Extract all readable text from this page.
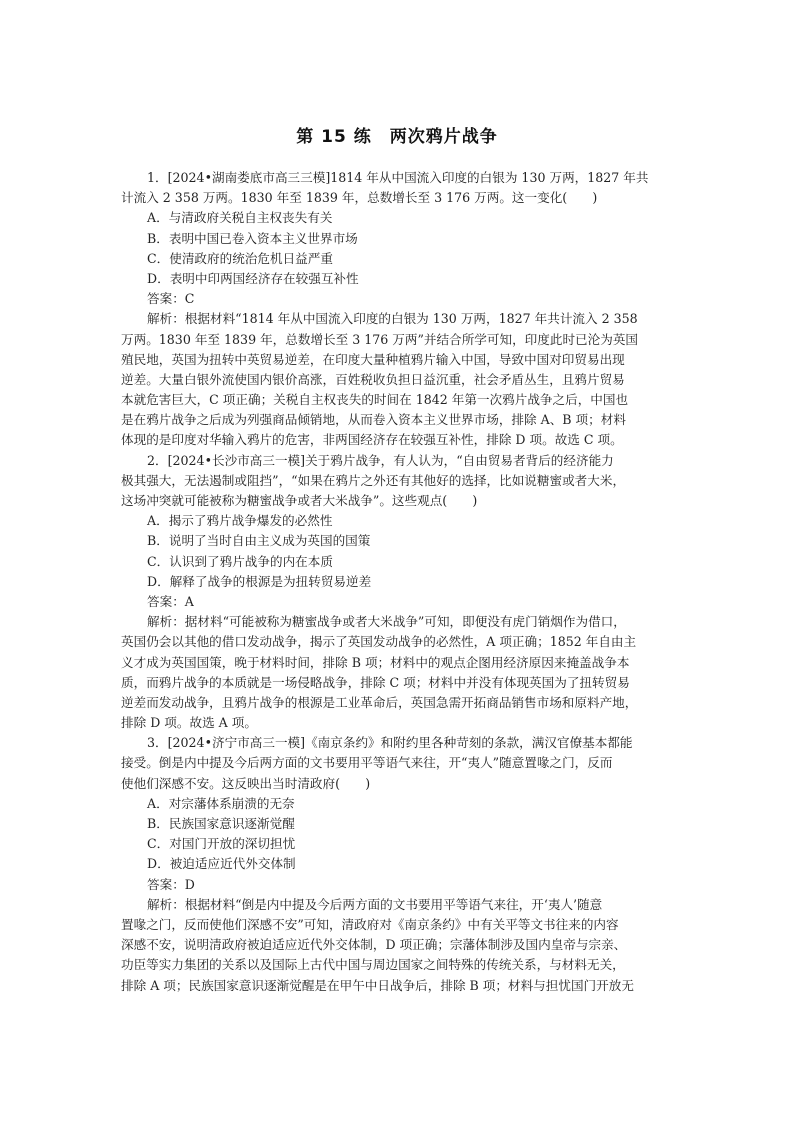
第 15 练　两次鸦片战争
1．[2024•湖南娄底市高三三模]1814 年从中国流入印度的白银为 130 万两，1827 年共
计流入 2 358 万两。1830 年至 1839 年，总数增长至 3 176 万两。这一变化(　　)
A．与清政府关税自主权丧失有关
B．表明中国已卷入资本主义世界市场
C．使清政府的统治危机日益严重
D．表明中印两国经济存在较强互补性
答案：C
解析：根据材料“1814 年从中国流入印度的白银为 130 万两，1827 年共计流入 2 358
万两。1830 年至 1839 年，总数增长至 3 176 万两”并结合所学可知，印度此时已沦为英国
殖民地，英国为扭转中英贸易逆差，在印度大量种植鸦片输入中国，导致中国对印贸易出现
逆差。大量白银外流使国内银价高涨，百姓税收负担日益沉重，社会矛盾丛生，且鸦片贸易
本就危害巨大，C 项正确；关税自主权丧失的时间在 1842 年第一次鸦片战争之后，中国也
是在鸦片战争之后成为列强商品倾销地，从而卷入资本主义世界市场，排除 A、B 项；材料
体现的是印度对华输入鸦片的危害，非两国经济存在较强互补性，排除 D 项。故选 C 项。
2．[2024•长沙市高三一模]关于鸦片战争，有人认为，“自由贸易者背后的经济能力
极其强大，无法遏制或阻挡”，“如果在鸦片之外还有其他好的选择，比如说糖蜜或者大米，
这场冲突就可能被称为糖蜜战争或者大米战争”。这些观点(　　)
A．揭示了鸦片战争爆发的必然性
B．说明了当时自由主义成为英国的国策
C．认识到了鸦片战争的内在本质
D．解释了战争的根源是为扭转贸易逆差
答案：A
解析：据材料“可能被称为糖蜜战争或者大米战争”可知，即便没有虎门销烟作为借口，
英国仍会以其他的借口发动战争，揭示了英国发动战争的必然性，A 项正确；1852 年自由主
义才成为英国国策，晚于材料时间，排除 B 项；材料中的观点企图用经济原因来掩盖战争本
质，而鸦片战争的本质就是一场侵略战争，排除 C 项；材料中并没有体现英国为了扭转贸易
逆差而发动战争，且鸦片战争的根源是工业革命后，英国急需开拓商品销售市场和原料产地，
排除 D 项。故选 A 项。
3．[2024•济宁市高三一模]《南京条约》和附约里各种苛刻的条款，满汉官僚基本都能
接受。倒是内中提及今后两方面的文书要用平等语气来往，开“夷人”随意置喙之门，反而
使他们深感不安。这反映出当时清政府(　　)
A．对宗藩体系崩溃的无奈
B．民族国家意识逐渐觉醒
C．对国门开放的深切担忧
D．被迫适应近代外交体制
答案：D
解析：根据材料“倒是内中提及今后两方面的文书要用平等语气来往，开‘夷人’随意
置喙之门，反而使他们深感不安”可知，清政府对《南京条约》中有关平等文书往来的内容
深感不安，说明清政府被迫适应近代外交体制，D 项正确；宗藩体制涉及国内皇帝与宗亲、
功臣等实力集团的关系以及国际上古代中国与周边国家之间特殊的传统关系，与材料无关，
排除 A 项；民族国家意识逐渐觉醒是在甲午中日战争后，排除 B 项；材料与担忧国门开放无
